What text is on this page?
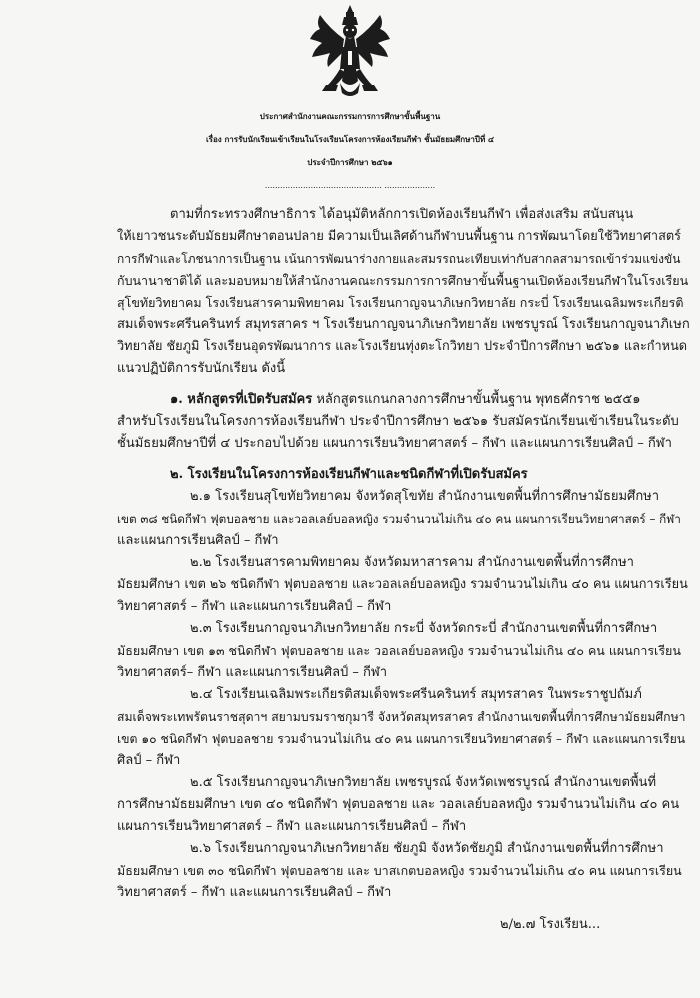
ประกาศสำนักงานคณะกรรมการการศึกษาขั้นพื้นฐาน
เรื่อง การรับนักเรียนเข้าเรียนในโรงเรียนโครงการห้องเรียนกีฬา ชั้นมัธยมศึกษาปีที่ ๔
ประจำปีการศึกษา ๒๕๖๑
.............................................. ....................
ตามที่กระทรวงศึกษาธิการ ได้อนุมัติหลักการเปิดห้องเรียนกีฬา เพื่อส่งเสริม สนับสนุน
ให้เยาวชนระดับมัธยมศึกษาตอนปลาย มีความเป็นเลิศด้านกีฬาบนพื้นฐาน การพัฒนาโดยใช้วิทยาศาสตร์
การกีฬาและโภชนาการเป็นฐาน เน้นการพัฒนาร่างกายและสมรรถนะเทียบเท่ากับสากลสามารถเข้าร่วมแข่งขัน
กับนานาชาติได้ และมอบหมายให้สำนักงานคณะกรรมการการศึกษาขั้นพื้นฐานเปิดห้องเรียนกีฬาในโรงเรียน
สุโขทัยวิทยาคม โรงเรียนสารคามพิทยาคม โรงเรียนกาญจนาภิเษกวิทยาลัย กระบี่ โรงเรียนเฉลิมพระเกียรติ
สมเด็จพระศรีนครินทร์ สมุทรสาคร ฯ โรงเรียนกาญจนาภิเษกวิทยาลัย เพชรบูรณ์ โรงเรียนกาญจนาภิเษก
วิทยาลัย ชัยภูมิ โรงเรียนอุดรพัฒนาการ และโรงเรียนทุ่งตะโกวิทยา ประจำปีการศึกษา ๒๕๖๑ และกำหนด
แนวปฏิบัติการรับนักเรียน ดังนี้
๑. หลักสูตรที่เปิดรับสมัคร หลักสูตรแกนกลางการศึกษาขั้นพื้นฐาน พุทธศักราช ๒๕๕๑
สำหรับโรงเรียนในโครงการห้องเรียนกีฬา ประจำปีการศึกษา ๒๕๖๑ รับสมัครนักเรียนเข้าเรียนในระดับ
ชั้นมัธยมศึกษาปีที่ ๔ ประกอบไปด้วย แผนการเรียนวิทยาศาสตร์ – กีฬา และแผนการเรียนศิลป์ – กีฬา
๒. โรงเรียนในโครงการห้องเรียนกีฬาและชนิดกีฬาที่เปิดรับสมัคร
๒.๑ โรงเรียนสุโขทัยวิทยาคม จังหวัดสุโขทัย สำนักงานเขตพื้นที่การศึกษามัธยมศึกษา
เขต ๓๘ ชนิดกีฬา ฟุตบอลชาย และวอลเลย์บอลหญิง รวมจำนวนไม่เกิน ๔๐ คน แผนการเรียนวิทยาศาสตร์ – กีฬา
และแผนการเรียนศิลป์ – กีฬา
๒.๒ โรงเรียนสารคามพิทยาคม จังหวัดมหาสารคาม สำนักงานเขตพื้นที่การศึกษา
มัธยมศึกษา เขต ๒๖ ชนิดกีฬา ฟุตบอลชาย และวอลเลย์บอลหญิง รวมจำนวนไม่เกิน ๔๐ คน แผนการเรียน
วิทยาศาสตร์ – กีฬา และแผนการเรียนศิลป์ – กีฬา
๒.๓ โรงเรียนกาญจนาภิเษกวิทยาลัย กระบี่ จังหวัดกระบี่ สำนักงานเขตพื้นที่การศึกษา
มัธยมศึกษา เขต ๑๓ ชนิดกีฬา ฟุตบอลชาย และ วอลเลย์บอลหญิง รวมจำนวนไม่เกิน ๔๐ คน แผนการเรียน
วิทยาศาสตร์– กีฬา และแผนการเรียนศิลป์ – กีฬา
๒.๔ โรงเรียนเฉลิมพระเกียรติสมเด็จพระศรีนครินทร์ สมุทรสาคร ในพระราชูปถัมภ์
สมเด็จพระเทพรัตนราชสุดาฯ สยามบรมราชกุมารี จังหวัดสมุทรสาคร สำนักงานเขตพื้นที่การศึกษามัธยมศึกษา
เขต ๑๐ ชนิดกีฬา ฟุตบอลชาย รวมจำนวนไม่เกิน ๔๐ คน แผนการเรียนวิทยาศาสตร์ – กีฬา และแผนการเรียน
ศิลป์ – กีฬา
๒.๕ โรงเรียนกาญจนาภิเษกวิทยาลัย เพชรบูรณ์ จังหวัดเพชรบูรณ์ สำนักงานเขตพื้นที่
การศึกษามัธยมศึกษา เขต ๔๐ ชนิดกีฬา ฟุตบอลชาย และ วอลเลย์บอลหญิง รวมจำนวนไม่เกิน ๔๐ คน
แผนการเรียนวิทยาศาสตร์ – กีฬา และแผนการเรียนศิลป์ – กีฬา
๒.๖ โรงเรียนกาญจนาภิเษกวิทยาลัย ชัยภูมิ จังหวัดชัยภูมิ สำนักงานเขตพื้นที่การศึกษา
มัธยมศึกษา เขต ๓๐ ชนิดกีฬา ฟุตบอลชาย และ บาสเกตบอลหญิง รวมจำนวนไม่เกิน ๔๐ คน แผนการเรียน
วิทยาศาสตร์ – กีฬา และแผนการเรียนศิลป์ – กีฬา
๒/๒.๗ โรงเรียน...
